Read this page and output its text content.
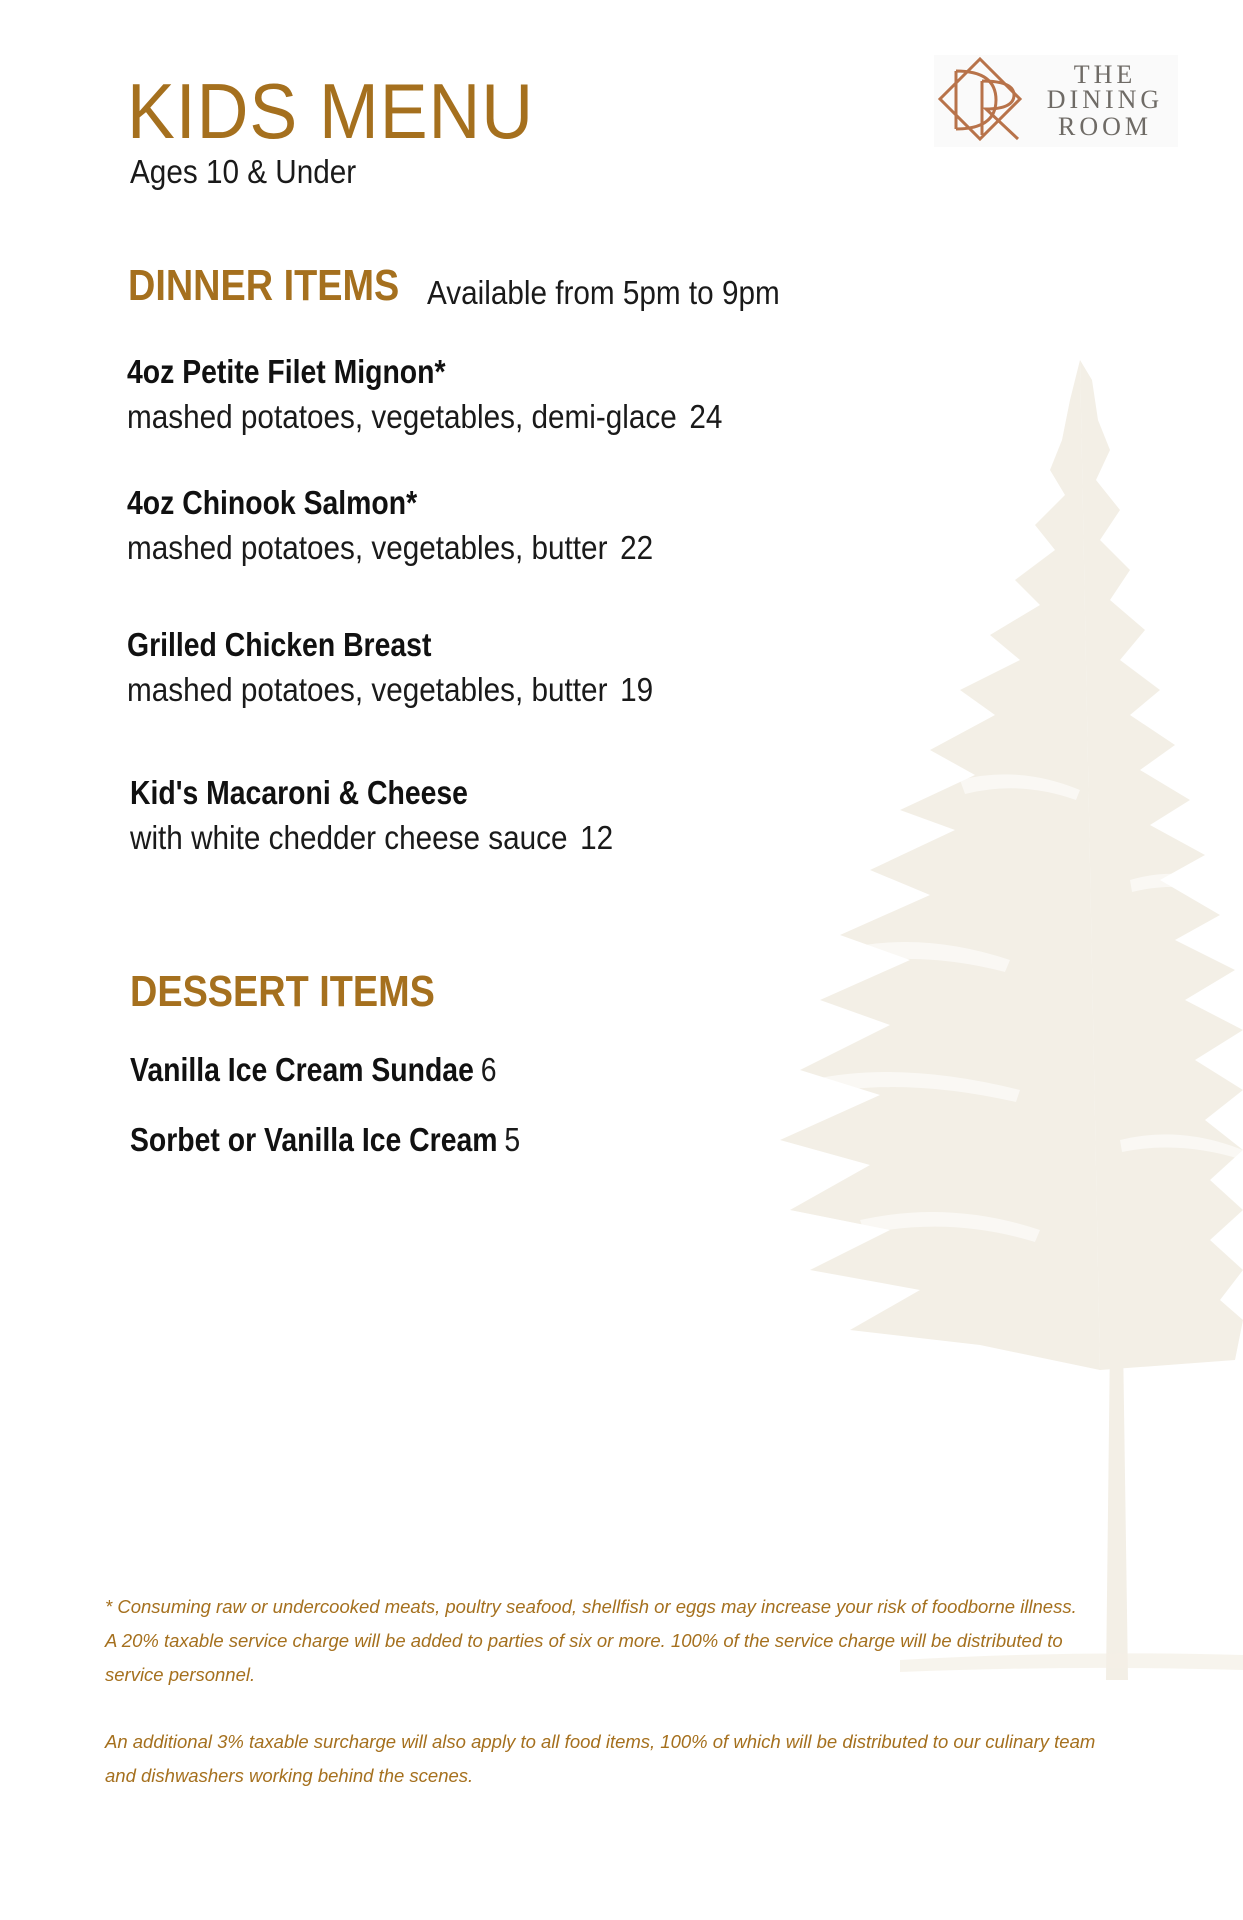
KIDS MENU
Ages 10 & Under
THE
DINING
ROOM
DINNER ITEMS Available from 5pm to 9pm
4oz Petite Filet Mignon*
mashed potatoes, vegetables, demi-glace 24
4oz Chinook Salmon*
mashed potatoes, vegetables, butter 22
Grilled Chicken Breast
mashed potatoes, vegetables, butter 19
Kid's Macaroni & Cheese
with white chedder cheese sauce 12
DESSERT ITEMS
Vanilla Ice Cream Sundae 6
Sorbet or Vanilla Ice Cream 5
* Consuming raw or undercooked meats, poultry seafood, shellfish or eggs may increase your risk of foodborne illness.
A 20% taxable service charge will be added to parties of six or more. 100% of the service charge will be distributed to service personnel.
An additional 3% taxable surcharge will also apply to all food items, 100% of which will be distributed to our culinary team and dishwashers working behind the scenes.
